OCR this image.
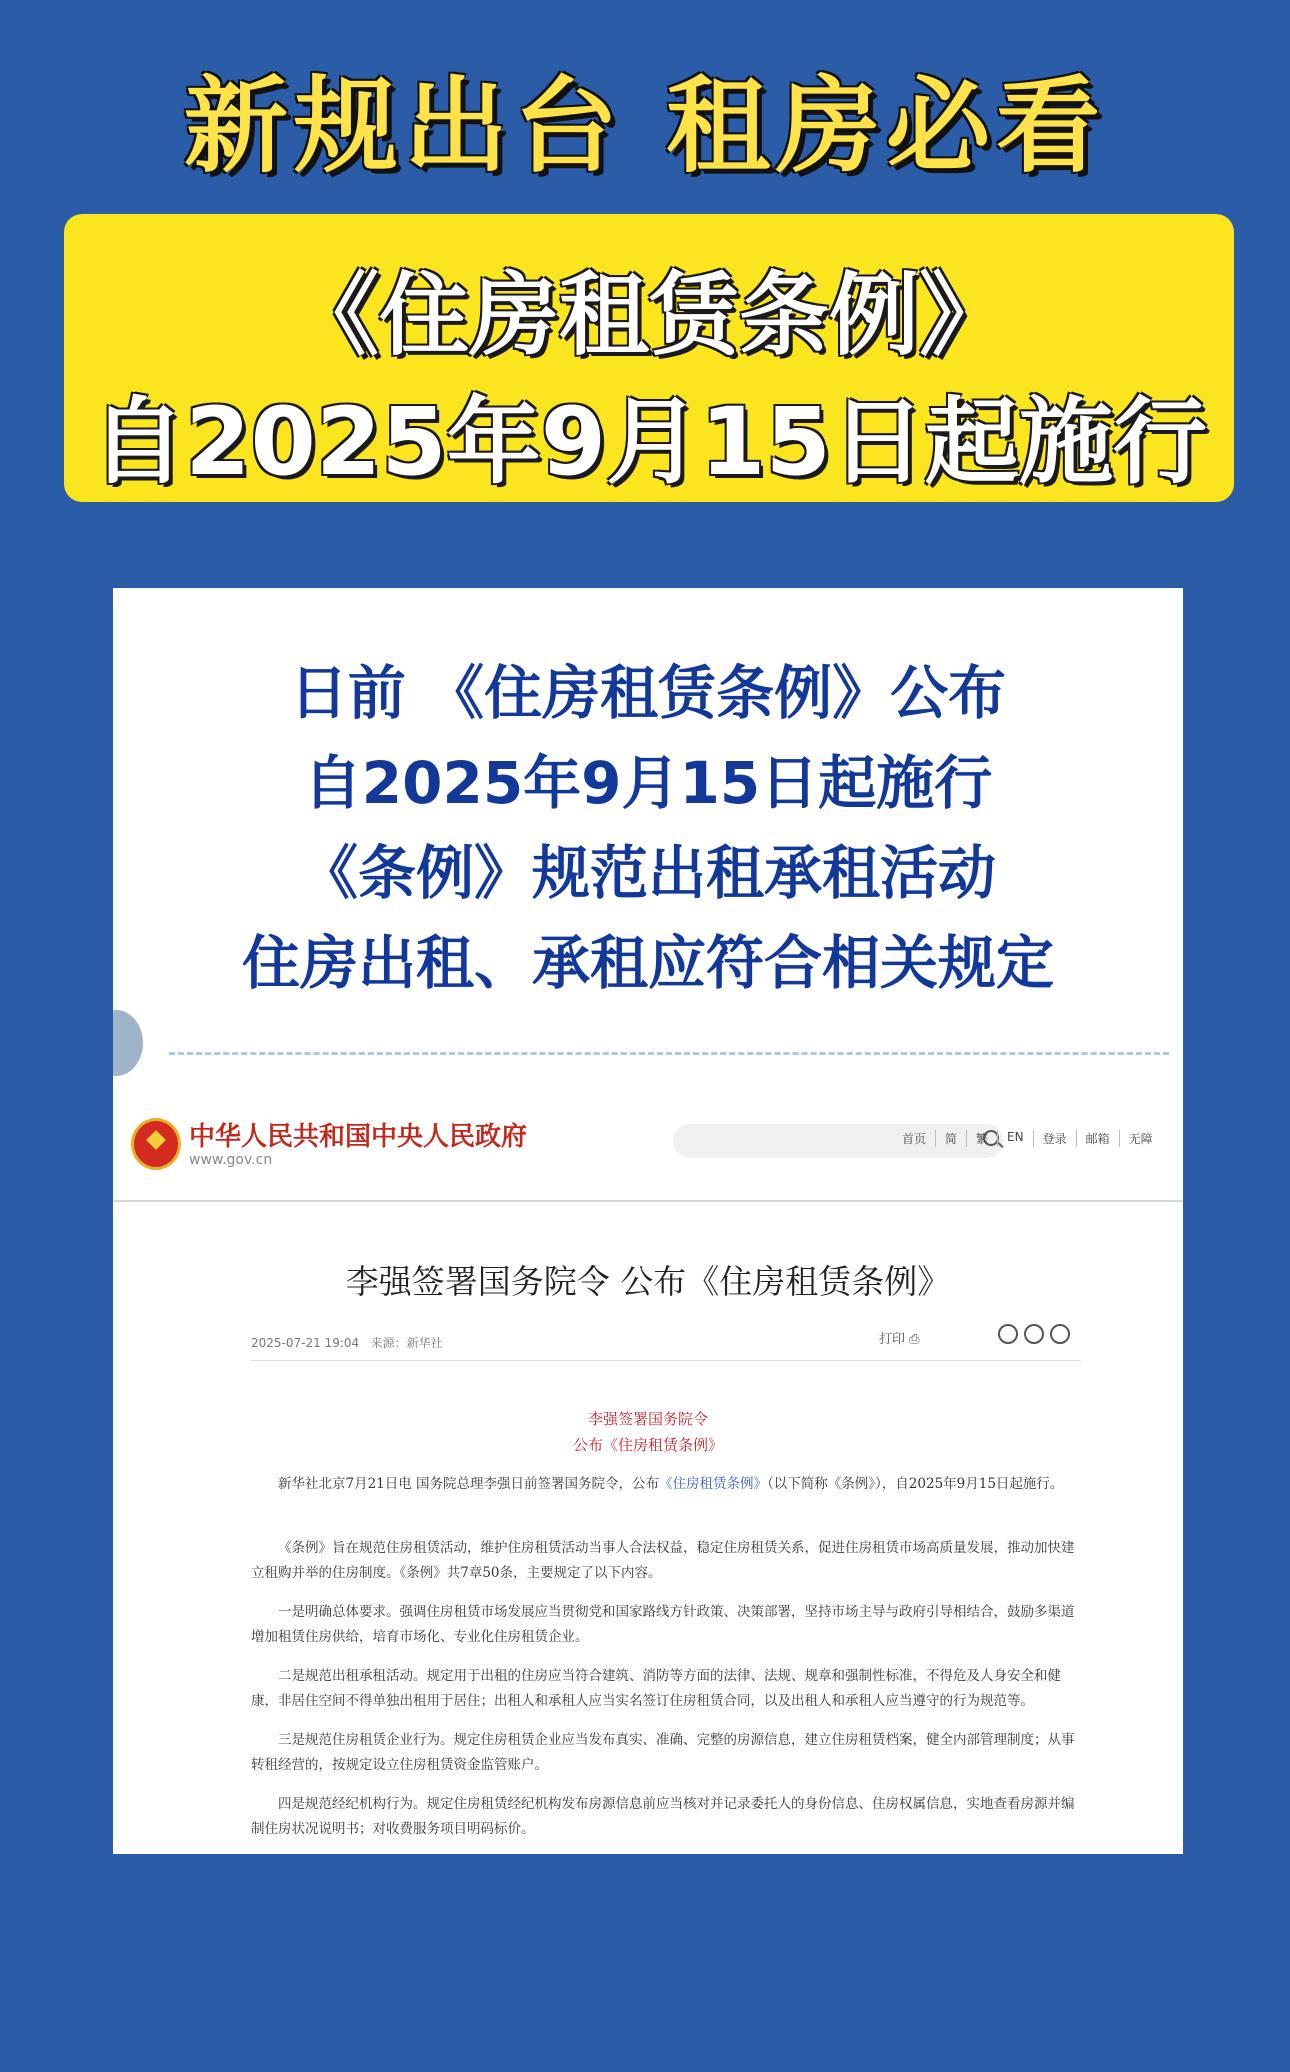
新规出台 租房必看
《住房租赁条例》
自2025年9月15日起施行
日前 《住房租赁条例》公布
自2025年9月15日起施行
《条例》规范出租承租活动
住房出租、承租应符合相关规定
中华人民共和国中央人民政府
www.gov.cn
首页	简	繁	EN	登录	邮箱	无障
李强签署国务院令 公布《住房租赁条例》
2025-07-21 19:04 来源：新华社	打印 ⎙
李强签署国务院令
公布《住房租赁条例》

新华社北京7月21日电 国务院总理李强日前签署国务院令，公布《住房租赁条例》（以下简称《条例》），自2025年9月15日起施行。

《条例》旨在规范住房租赁活动，维护住房租赁活动当事人合法权益，稳定住房租赁关系，促进住房租赁市场高质量发展，推动加快建立租购并举的住房制度。《条例》共7章50条，主要规定了以下内容。

一是明确总体要求。强调住房租赁市场发展应当贯彻党和国家路线方针政策、决策部署，坚持市场主导与政府引导相结合，鼓励多渠道增加租赁住房供给，培育市场化、专业化住房租赁企业。

二是规范出租承租活动。规定用于出租的住房应当符合建筑、消防等方面的法律、法规、规章和强制性标准，不得危及人身安全和健康，非居住空间不得单独出租用于居住；出租人和承租人应当实名签订住房租赁合同，以及出租人和承租人应当遵守的行为规范等。

三是规范住房租赁企业行为。规定住房租赁企业应当发布真实、准确、完整的房源信息，建立住房租赁档案，健全内部管理制度；从事转租经营的，按规定设立住房租赁资金监管账户。

四是规范经纪机构行为。规定住房租赁经纪机构发布房源信息前应当核对并记录委托人的身份信息、住房权属信息，实地查看房源并编制住房状况说明书；对收费服务项目明码标价。
